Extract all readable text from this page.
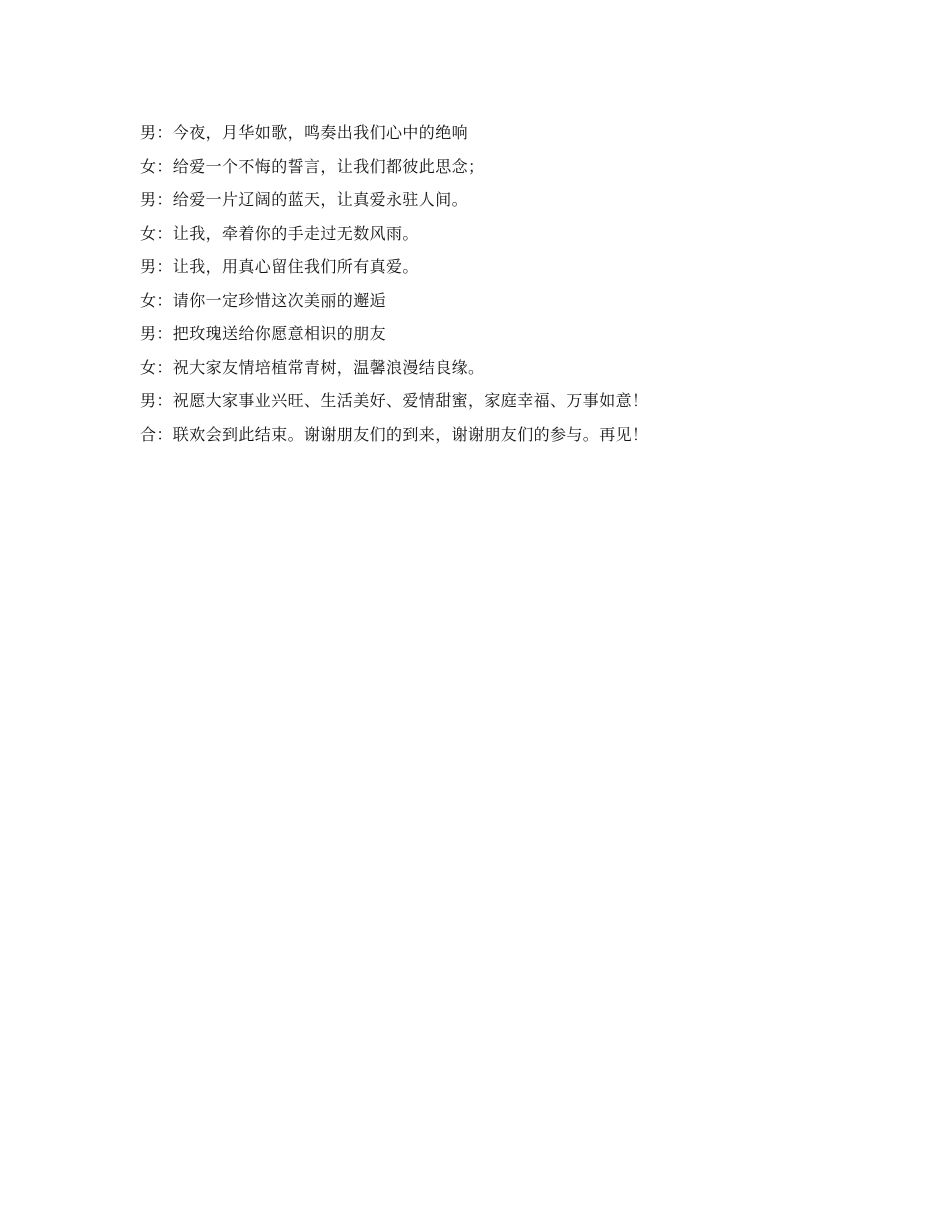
男：今夜，月华如歌，鸣奏出我们心中的绝响
女：给爱一个不悔的誓言，让我们都彼此思念；
男：给爱一片辽阔的蓝天，让真爱永驻人间。
女：让我，牵着你的手走过无数风雨。
男：让我，用真心留住我们所有真爱。
女：请你一定珍惜这次美丽的邂逅
男：把玫瑰送给你愿意相识的朋友
女：祝大家友情培植常青树，温馨浪漫结良缘。
男：祝愿大家事业兴旺、生活美好、爱情甜蜜，家庭幸福、万事如意！
合：联欢会到此结束。谢谢朋友们的到来，谢谢朋友们的参与。再见！
